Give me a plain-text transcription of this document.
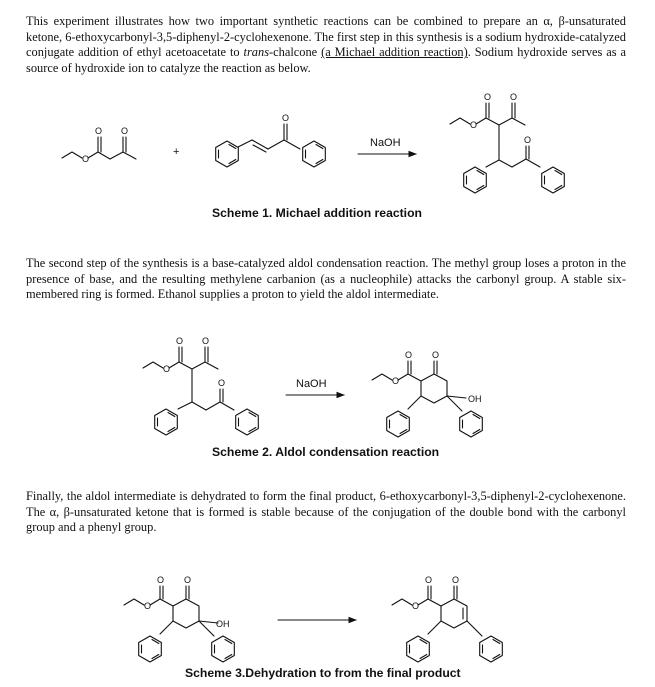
This experiment illustrates how two important synthetic reactions can be combined to prepare an α, β-unsaturated ketone, 6-ethoxycarbonyl-3,5-diphenyl-2-cyclohexenone. The first step in this synthesis is a sodium hydroxide-catalyzed conjugate addition of ethyl acetoacetate to trans-chalcone (a Michael addition reaction). Sodium hydroxide serves as a source of hydroxide ion to catalyze the reaction as below.
O
O O
+
O
NaOH
O
O O
O
O
O O
O	NaOH	O
O O
OH
O
O O
OH
O
O O
Scheme 1. Michael addition reaction
The second step of the synthesis is a base-catalyzed aldol condensation reaction. The methyl group loses a proton in the presence of base, and the resulting methylene carbanion (as a nucleophile) attacks the carbonyl group. A stable six-membered ring is formed. Ethanol supplies a proton to yield the aldol intermediate.
Scheme 2. Aldol condensation reaction
Finally, the aldol intermediate is dehydrated to form the final product, 6-ethoxycarbonyl-3,5-diphenyl-2-cyclohexenone. The α, β-unsaturated ketone that is formed is stable because of the conjugation of the double bond with the carbonyl group and a phenyl group.
Scheme 3.Dehydration to from the final product
